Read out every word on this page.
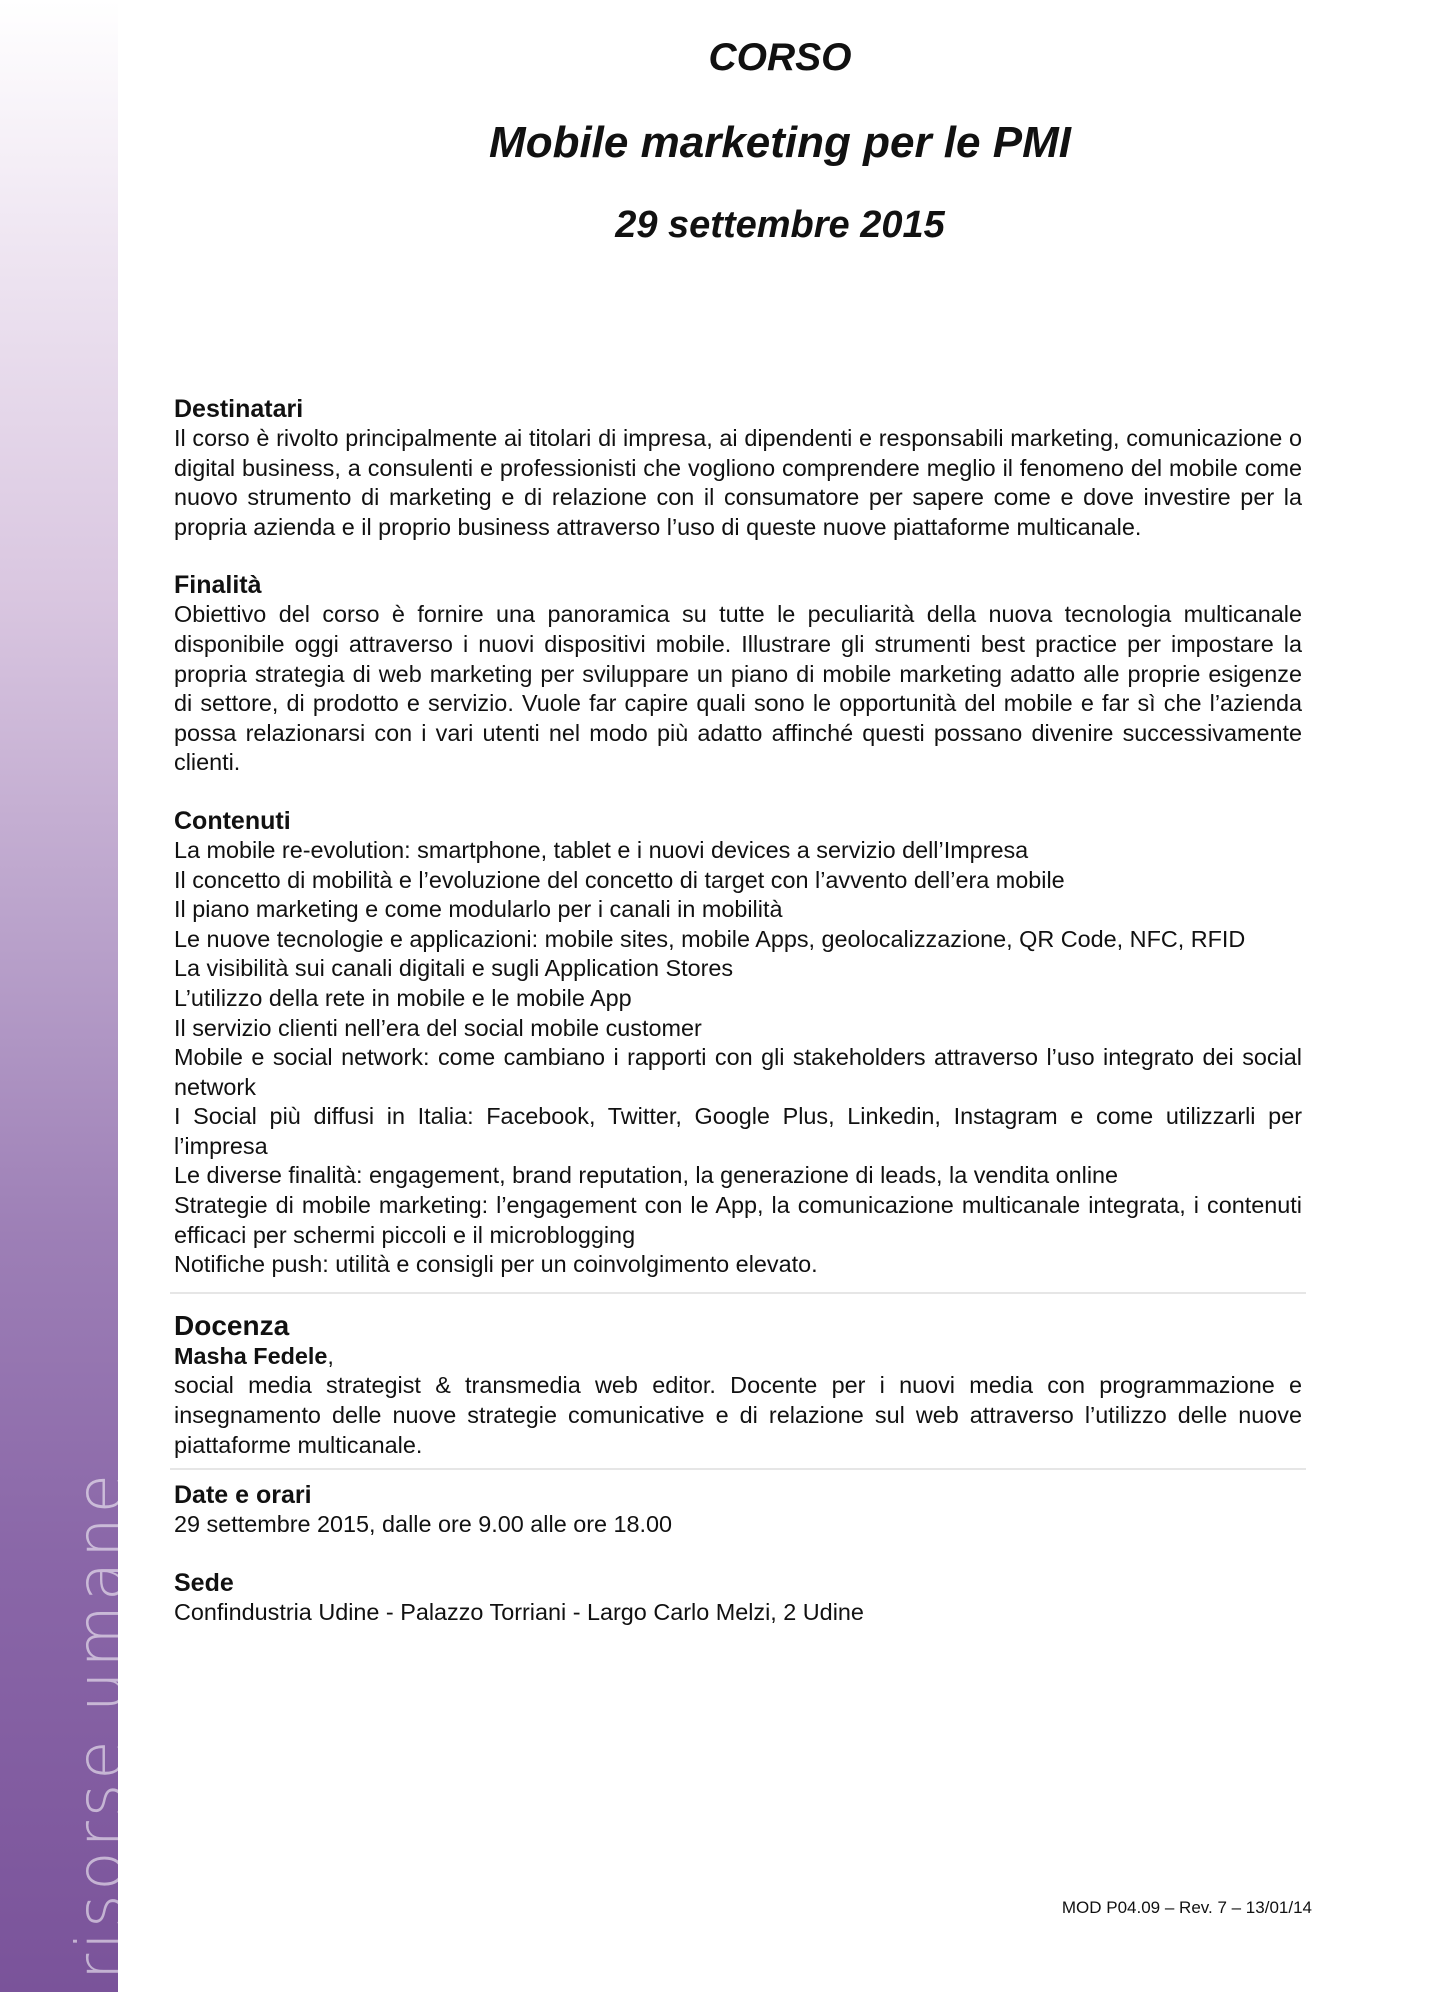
risorse umane
CORSO
Mobile marketing per le PMI
29 settembre 2015
Destinatari
Il corso è rivolto principalmente ai titolari di impresa, ai dipendenti e responsabili marketing, comunicazione o digital business, a consulenti e professionisti che vogliono comprendere meglio il fenomeno del mobile come nuovo strumento di marketing e di relazione con il consumatore per sapere come e dove investire per la propria azienda e il proprio business attraverso l’uso di queste nuove piattaforme multicanale.
Finalità
Obiettivo del corso è fornire una panoramica su tutte le peculiarità della nuova tecnologia multicanale disponibile oggi attraverso i nuovi dispositivi mobile. Illustrare gli strumenti best practice per impostare la propria strategia di web marketing per sviluppare un piano di mobile marketing adatto alle proprie esigenze di settore, di prodotto e servizio. Vuole far capire quali sono le opportunità del mobile e far sì che l’azienda possa relazionarsi con i vari utenti nel modo più adatto affinché questi possano divenire successivamente clienti.
Contenuti
La mobile re-evolution: smartphone, tablet e i nuovi devices a servizio dell’Impresa
Il concetto di mobilità e l’evoluzione del concetto di target con l’avvento dell’era mobile
Il piano marketing e come modularlo per i canali in mobilità
Le nuove tecnologie e applicazioni: mobile sites, mobile Apps, geolocalizzazione, QR Code, NFC, RFID
La visibilità sui canali digitali e sugli Application Stores
L’utilizzo della rete in mobile e le mobile App
Il servizio clienti nell’era del social mobile customer
Mobile e social network: come cambiano i rapporti con gli stakeholders attraverso l’uso integrato dei social network
I Social più diffusi in Italia: Facebook, Twitter, Google Plus, Linkedin, Instagram e come utilizzarli per l’impresa
Le diverse finalità: engagement, brand reputation, la generazione di leads, la vendita online
Strategie di mobile marketing: l’engagement con le App, la comunicazione multicanale integrata, i contenuti efficaci per schermi piccoli e il microblogging
Notifiche push: utilità e consigli per un coinvolgimento elevato.
Docenza
Masha Fedele,
social media strategist & transmedia web editor. Docente per i nuovi media con programmazione e insegnamento delle nuove strategie comunicative e di relazione sul web attraverso l’utilizzo delle nuove piattaforme multicanale.
Date e orari
29 settembre 2015, dalle ore 9.00 alle ore 18.00
Sede
Confindustria Udine - Palazzo Torriani - Largo Carlo Melzi, 2 Udine
MOD P04.09 – Rev. 7 – 13/01/14
